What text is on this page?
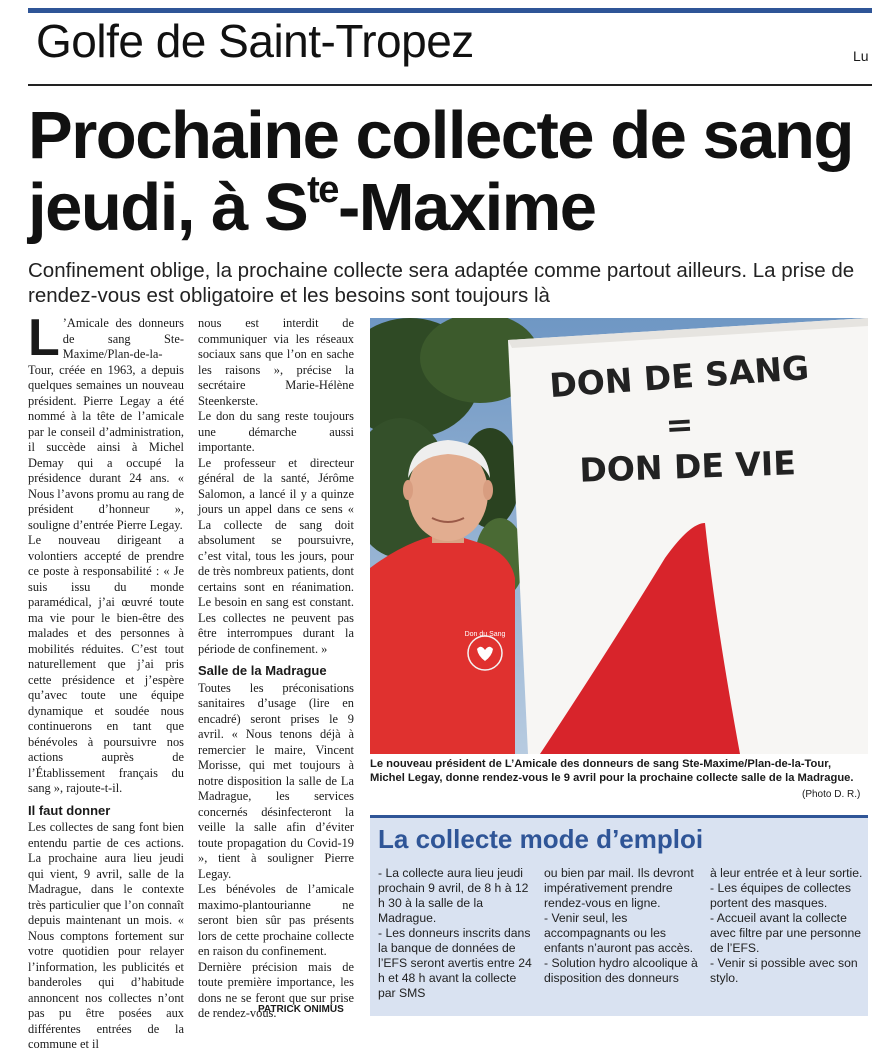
Golfe de Saint-Tropez	Lu
Prochaine collecte de sang
jeudi, à $S^{te}$-Maxime

Confinement oblige, la prochaine collecte sera adaptée comme partout ailleurs. La prise de rendez-vous est obligatoire et les besoins sont toujours là

L ’Amicale des donneurs de sang Ste-Maxime/Plan-de-la-Tour, créée en 1963, a depuis quelques semaines un nouveau président. Pierre Legay a été nommé à la tête de l’amicale par le conseil d’administration, il succède ainsi à Michel Demay qui a occupé la présidence durant 24 ans. « Nous l’avons promu au rang de président d’honneur », souligne d’entrée Pierre Legay.

Le nouveau dirigeant a volontiers accepté de prendre ce poste à responsabilité : « Je suis issu du monde paramédical, j’ai œuvré toute ma vie pour le bien-être des malades et des personnes à mobilités réduites. C’est tout naturellement que j’ai pris cette présidence et j’espère qu’avec toute une équipe dynamique et soudée nous continuerons en tant que bénévoles à poursuivre nos actions auprès de l’Établissement français du sang », rajoute-t-il.

Il faut donner

Les collectes de sang font bien entendu partie de ces actions. La prochaine aura lieu jeudi qui vient, 9 avril, salle de la Madrague, dans le contexte très particulier que l’on connaît depuis maintenant un mois. « Nous comptons fortement sur votre quotidien pour relayer l’information, les publicités et banderoles qui d’habitude annoncent nos collectes n’ont pas pu être posées aux différentes entrées de la commune et il

nous est interdit de communiquer via les réseaux sociaux sans que l’on en sache les raisons », précise la secrétaire Marie-Hélène Steenkerste.

Le don du sang reste toujours une démarche aussi importante.

Le professeur et directeur général de la santé, Jérôme Salomon, a lancé il y a quinze jours un appel dans ce sens « La collecte de sang doit absolument se poursuivre, c’est vital, tous les jours, pour de très nombreux patients, dont certains sont en réanimation. Le besoin en sang est constant. Les collectes ne peuvent pas être interrompues durant la période de confinement. »

Salle de la Madrague

Toutes les préconisations sanitaires d’usage (lire en encadré) seront prises le 9 avril. « Nous tenons déjà à remercier le maire, Vincent Morisse, qui met toujours à notre disposition la salle de La Madrague, les services concernés désinfecteront la veille la salle afin d’éviter toute propagation du Covid-19 », tient à souligner Pierre Legay.

Les bénévoles de l’amicale maximo-plantourianne ne seront bien sûr pas présents lors de cette prochaine collecte en raison du confinement.

Dernière précision mais de toute première importance, les dons ne se feront que sur prise de rendez-vous.

PATRICK ONIMUS
Don du Sang
DON DE SANG
=
DON DE VIE

Le nouveau président de L’Amicale des donneurs de sang Ste-Maxime/Plan-de-la-Tour, Michel Legay, donne rendez-vous le 9 avril pour la prochaine collecte salle de la Madrague.

(Photo D. R.)
La collecte mode d’emploi

- La collecte aura lieu jeudi prochain 9 avril, de 8 h à 12 h 30 à la salle de la Madrague.

- Les donneurs inscrits dans la banque de données de l’EFS seront avertis entre 24 h et 48 h avant la collecte par SMS

ou bien par mail. Ils devront impérativement prendre rendez-vous en ligne.

- Venir seul, les accompagnants ou les enfants n’auront pas accès.

- Solution hydro alcoolique à disposition des donneurs

à leur entrée et à leur sortie.

- Les équipes de collectes portent des masques.

- Accueil avant la collecte avec filtre par une personne de l’EFS.

- Venir si possible avec son stylo.
